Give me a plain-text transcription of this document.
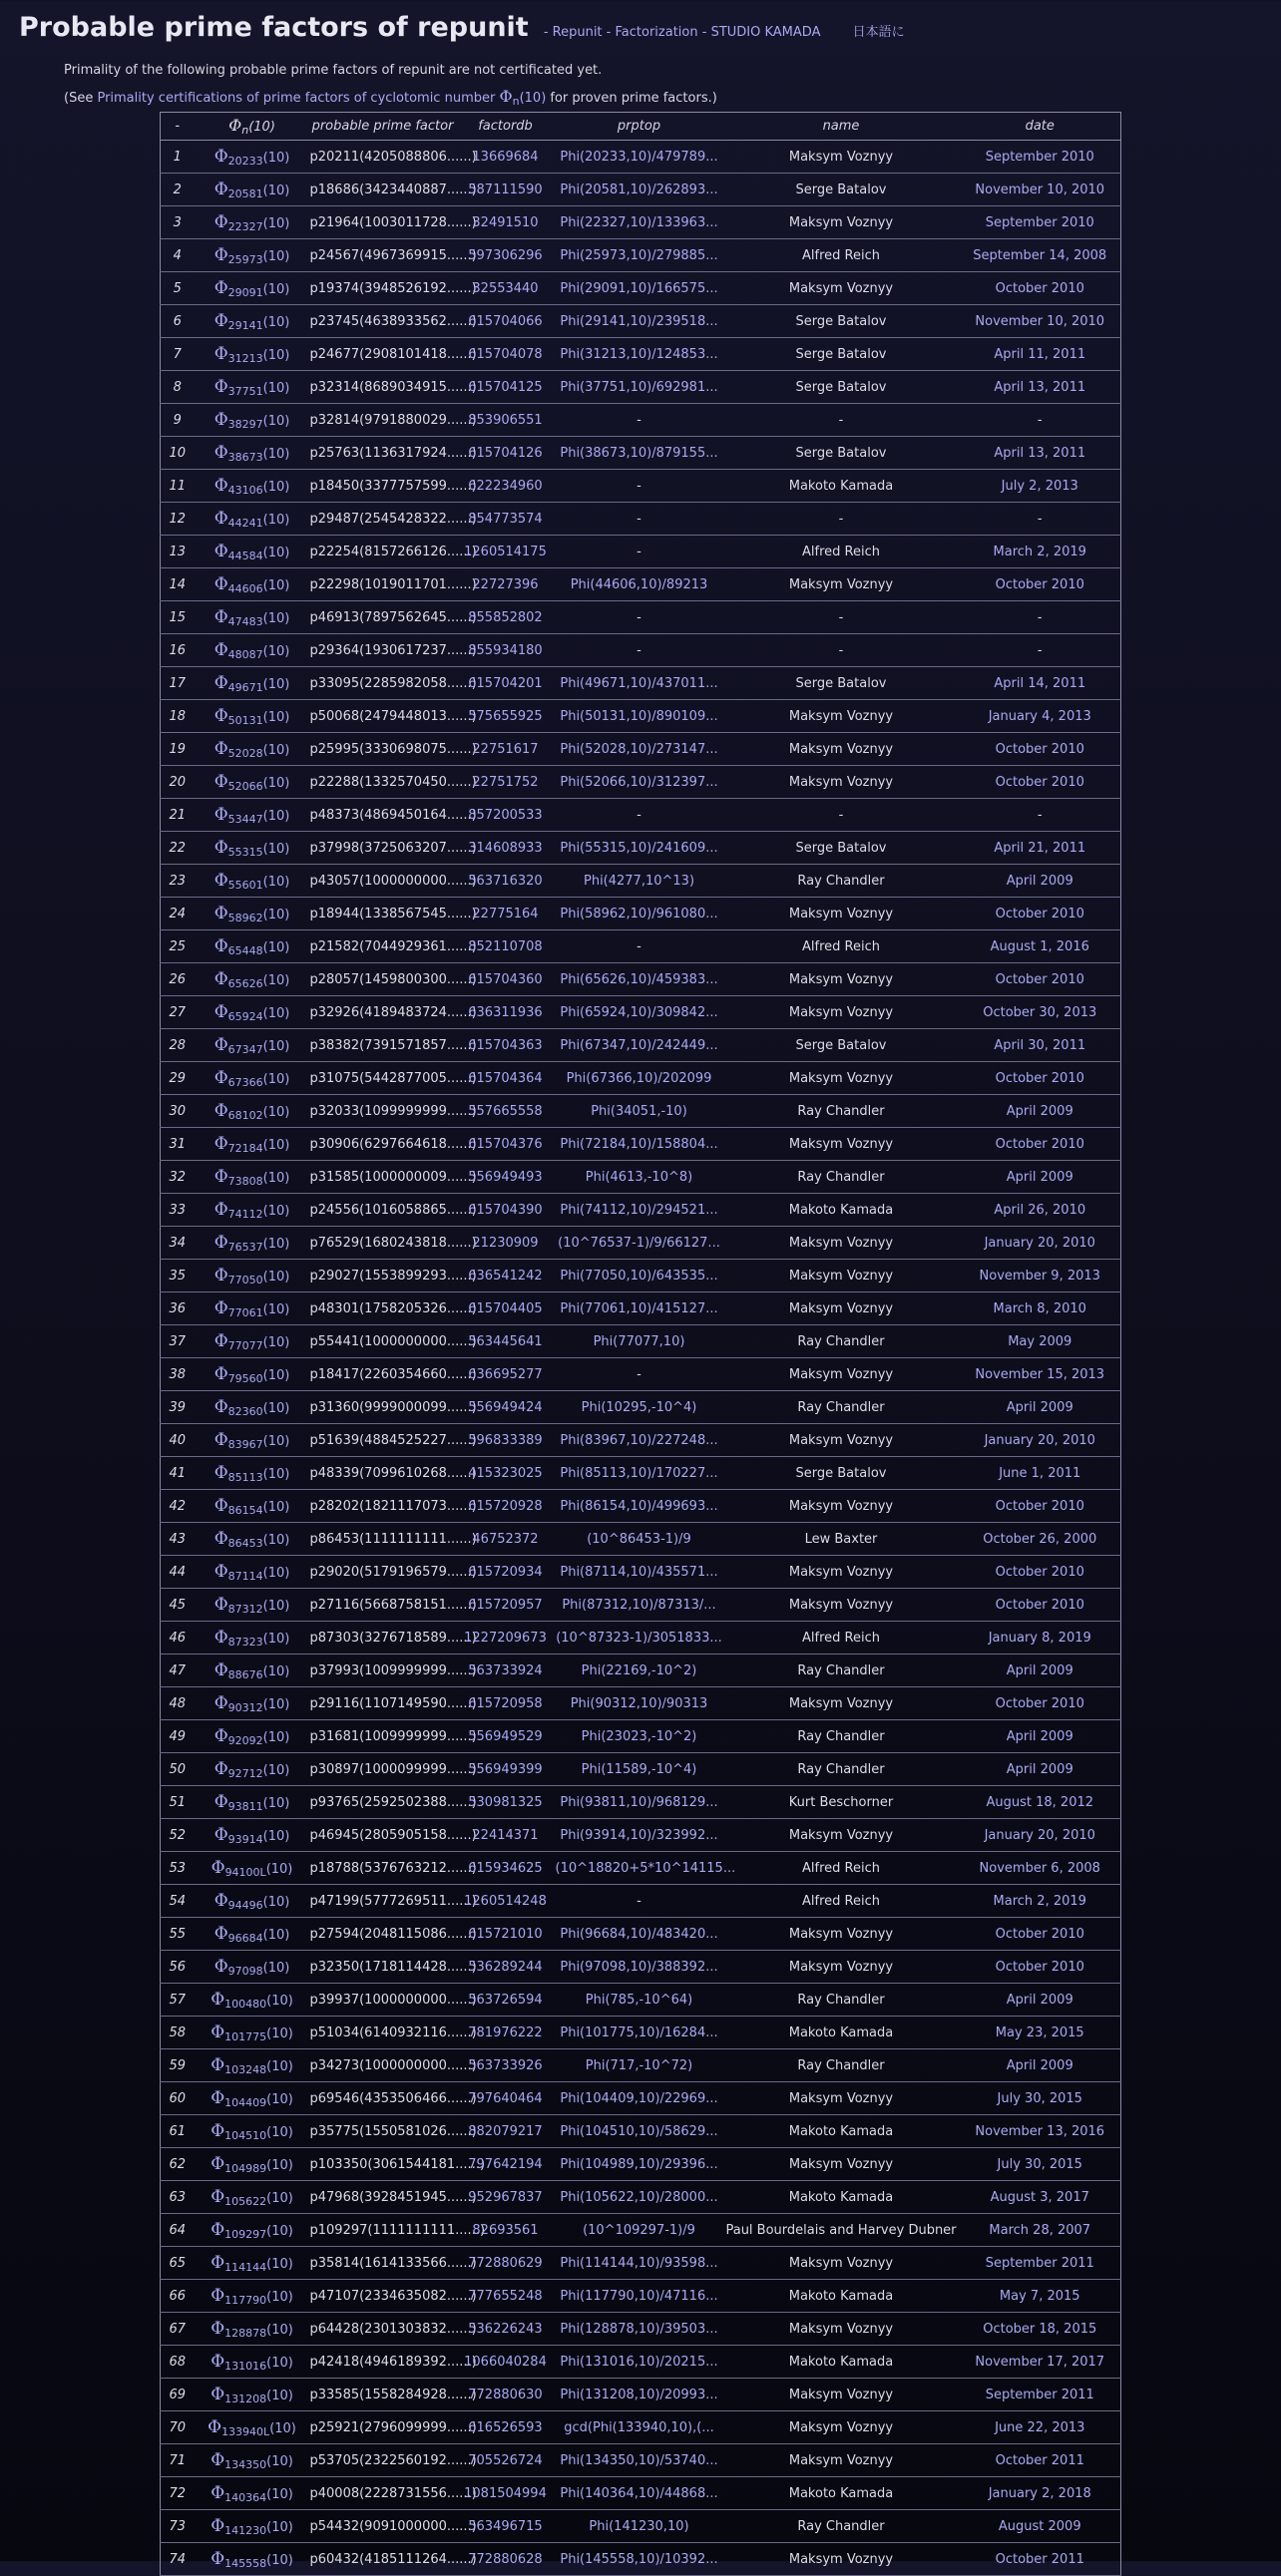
Probable prime factors of repunit - Repunit - Factorization - STUDIO KAMADA 日本語に
Primality of the following probable prime factors of repunit are not certificated yet.
(See Primality certifications of prime factors of cyclotomic number $\Phi_n(10)$ for proven prime factors.)
-	$\Phi_n(10)$	probable prime factor	factordb	prptop	name	date
1	$\Phi_{20233}(10)$	p20211(4205088806......)	13669684	Phi(20233,10)/479789...	Maksym Voznyy	September 2010
2	$\Phi_{20581}(10)$	p18686(3423440887......)	587111590	Phi(20581,10)/262893...	Serge Batalov	November 10, 2010
3	$\Phi_{22327}(10)$	p21964(1003011728......)	32491510	Phi(22327,10)/133963...	Maksym Voznyy	September 2010
4	$\Phi_{25973}(10)$	p24567(4967369915......)	597306296	Phi(25973,10)/279885...	Alfred Reich	September 14, 2008
5	$\Phi_{29091}(10)$	p19374(3948526192......)	32553440	Phi(29091,10)/166575...	Maksym Voznyy	October 2010
6	$\Phi_{29141}(10)$	p23745(4638933562......)	615704066	Phi(29141,10)/239518...	Serge Batalov	November 10, 2010
7	$\Phi_{31213}(10)$	p24677(2908101418......)	615704078	Phi(31213,10)/124853...	Serge Batalov	April 11, 2011
8	$\Phi_{37751}(10)$	p32314(8689034915......)	615704125	Phi(37751,10)/692981...	Serge Batalov	April 13, 2011
9	$\Phi_{38297}(10)$	p32814(9791880029......)	853906551	-	-	-
10	$\Phi_{38673}(10)$	p25763(1136317924......)	615704126	Phi(38673,10)/879155...	Serge Batalov	April 13, 2011
11	$\Phi_{43106}(10)$	p18450(3377757599......)	622234960	-	Makoto Kamada	July 2, 2013
12	$\Phi_{44241}(10)$	p29487(2545428322......)	854773574	-	-	-
13	$\Phi_{44584}(10)$	p22254(8157266126......)	1260514175	-	Alfred Reich	March 2, 2019
14	$\Phi_{44606}(10)$	p22298(1019011701......)	22727396	Phi(44606,10)/89213	Maksym Voznyy	October 2010
15	$\Phi_{47483}(10)$	p46913(7897562645......)	855852802	-	-	-
16	$\Phi_{48087}(10)$	p29364(1930617237......)	855934180	-	-	-
17	$\Phi_{49671}(10)$	p33095(2285982058......)	615704201	Phi(49671,10)/437011...	Serge Batalov	April 14, 2011
18	$\Phi_{50131}(10)$	p50068(2479448013......)	575655925	Phi(50131,10)/890109...	Maksym Voznyy	January 4, 2013
19	$\Phi_{52028}(10)$	p25995(3330698075......)	22751617	Phi(52028,10)/273147...	Maksym Voznyy	October 2010
20	$\Phi_{52066}(10)$	p22288(1332570450......)	22751752	Phi(52066,10)/312397...	Maksym Voznyy	October 2010
21	$\Phi_{53447}(10)$	p48373(4869450164......)	857200533	-	-	-
22	$\Phi_{55315}(10)$	p37998(3725063207......)	314608933	Phi(55315,10)/241609...	Serge Batalov	April 21, 2011
23	$\Phi_{55601}(10)$	p43057(1000000000......)	563716320	Phi(4277,10^13)	Ray Chandler	April 2009
24	$\Phi_{58962}(10)$	p18944(1338567545......)	22775164	Phi(58962,10)/961080...	Maksym Voznyy	October 2010
25	$\Phi_{65448}(10)$	p21582(7044929361......)	852110708	-	Alfred Reich	August 1, 2016
26	$\Phi_{65626}(10)$	p28057(1459800300......)	615704360	Phi(65626,10)/459383...	Maksym Voznyy	October 2010
27	$\Phi_{65924}(10)$	p32926(4189483724......)	636311936	Phi(65924,10)/309842...	Maksym Voznyy	October 30, 2013
28	$\Phi_{67347}(10)$	p38382(7391571857......)	615704363	Phi(67347,10)/242449...	Serge Batalov	April 30, 2011
29	$\Phi_{67366}(10)$	p31075(5442877005......)	615704364	Phi(67366,10)/202099	Maksym Voznyy	October 2010
30	$\Phi_{68102}(10)$	p32033(1099999999......)	557665558	Phi(34051,-10)	Ray Chandler	April 2009
31	$\Phi_{72184}(10)$	p30906(6297664618......)	615704376	Phi(72184,10)/158804...	Maksym Voznyy	October 2010
32	$\Phi_{73808}(10)$	p31585(1000000009......)	556949493	Phi(4613,-10^8)	Ray Chandler	April 2009
33	$\Phi_{74112}(10)$	p24556(1016058865......)	615704390	Phi(74112,10)/294521...	Makoto Kamada	April 26, 2010
34	$\Phi_{76537}(10)$	p76529(1680243818......)	21230909	(10^76537-1)/9/66127...	Maksym Voznyy	January 20, 2010
35	$\Phi_{77050}(10)$	p29027(1553899293......)	636541242	Phi(77050,10)/643535...	Maksym Voznyy	November 9, 2013
36	$\Phi_{77061}(10)$	p48301(1758205326......)	615704405	Phi(77061,10)/415127...	Maksym Voznyy	March 8, 2010
37	$\Phi_{77077}(10)$	p55441(1000000000......)	563445641	Phi(77077,10)	Ray Chandler	May 2009
38	$\Phi_{79560}(10)$	p18417(2260354660......)	636695277	-	Maksym Voznyy	November 15, 2013
39	$\Phi_{82360}(10)$	p31360(9999000099......)	556949424	Phi(10295,-10^4)	Ray Chandler	April 2009
40	$\Phi_{83967}(10)$	p51639(4884525227......)	596833389	Phi(83967,10)/227248...	Maksym Voznyy	January 20, 2010
41	$\Phi_{85113}(10)$	p48339(7099610268......)	415323025	Phi(85113,10)/170227...	Serge Batalov	June 1, 2011
42	$\Phi_{86154}(10)$	p28202(1821117073......)	615720928	Phi(86154,10)/499693...	Maksym Voznyy	October 2010
43	$\Phi_{86453}(10)$	p86453(1111111111......)	46752372	(10^86453-1)/9	Lew Baxter	October 26, 2000
44	$\Phi_{87114}(10)$	p29020(5179196579......)	615720934	Phi(87114,10)/435571...	Maksym Voznyy	October 2010
45	$\Phi_{87312}(10)$	p27116(5668758151......)	615720957	Phi(87312,10)/87313/...	Maksym Voznyy	October 2010
46	$\Phi_{87323}(10)$	p87303(3276718589......)	1227209673	(10^87323-1)/3051833...	Alfred Reich	January 8, 2019
47	$\Phi_{88676}(10)$	p37993(1009999999......)	563733924	Phi(22169,-10^2)	Ray Chandler	April 2009
48	$\Phi_{90312}(10)$	p29116(1107149590......)	615720958	Phi(90312,10)/90313	Maksym Voznyy	October 2010
49	$\Phi_{92092}(10)$	p31681(1009999999......)	556949529	Phi(23023,-10^2)	Ray Chandler	April 2009
50	$\Phi_{92712}(10)$	p30897(1000099999......)	556949399	Phi(11589,-10^4)	Ray Chandler	April 2009
51	$\Phi_{93811}(10)$	p93765(2592502388......)	530981325	Phi(93811,10)/968129...	Kurt Beschorner	August 18, 2012
52	$\Phi_{93914}(10)$	p46945(2805905158......)	22414371	Phi(93914,10)/323992...	Maksym Voznyy	January 20, 2010
53	$\Phi_{94100L}(10)$	p18788(5376763212......)	615934625	(10^18820+5*10^14115...	Alfred Reich	November 6, 2008
54	$\Phi_{94496}(10)$	p47199(5777269511......)	1260514248	-	Alfred Reich	March 2, 2019
55	$\Phi_{96684}(10)$	p27594(2048115086......)	615721010	Phi(96684,10)/483420...	Maksym Voznyy	October 2010
56	$\Phi_{97098}(10)$	p32350(1718114428......)	536289244	Phi(97098,10)/388392...	Maksym Voznyy	October 2010
57	$\Phi_{100480}(10)$	p39937(1000000000......)	563726594	Phi(785,-10^64)	Ray Chandler	April 2009
58	$\Phi_{101775}(10)$	p51034(6140932116......)	781976222	Phi(101775,10)/16284...	Makoto Kamada	May 23, 2015
59	$\Phi_{103248}(10)$	p34273(1000000000......)	563733926	Phi(717,-10^72)	Ray Chandler	April 2009
60	$\Phi_{104409}(10)$	p69546(4353506466......)	797640464	Phi(104409,10)/22969...	Maksym Voznyy	July 30, 2015
61	$\Phi_{104510}(10)$	p35775(1550581026......)	882079217	Phi(104510,10)/58629...	Makoto Kamada	November 13, 2016
62	$\Phi_{104989}(10)$	p103350(3061544181......)	797642194	Phi(104989,10)/29396...	Maksym Voznyy	July 30, 2015
63	$\Phi_{105622}(10)$	p47968(3928451945......)	952967837	Phi(105622,10)/28000...	Makoto Kamada	August 3, 2017
64	$\Phi_{109297}(10)$	p109297(1111111111......)	82693561	(10^109297-1)/9	Paul Bourdelais and Harvey Dubner	March 28, 2007
65	$\Phi_{114144}(10)$	p35814(1614133566......)	772880629	Phi(114144,10)/93598...	Maksym Voznyy	September 2011
66	$\Phi_{117790}(10)$	p47107(2334635082......)	777655248	Phi(117790,10)/47116...	Makoto Kamada	May 7, 2015
67	$\Phi_{128878}(10)$	p64428(2301303832......)	536226243	Phi(128878,10)/39503...	Maksym Voznyy	October 18, 2015
68	$\Phi_{131016}(10)$	p42418(4946189392......)	1066040284	Phi(131016,10)/20215...	Makoto Kamada	November 17, 2017
69	$\Phi_{131208}(10)$	p33585(1558284928......)	772880630	Phi(131208,10)/20993...	Maksym Voznyy	September 2011
70	$\Phi_{133940L}(10)$	p25921(2796099999......)	616526593	gcd(Phi(133940,10),(...	Maksym Voznyy	June 22, 2013
71	$\Phi_{134350}(10)$	p53705(2322560192......)	705526724	Phi(134350,10)/53740...	Maksym Voznyy	October 2011
72	$\Phi_{140364}(10)$	p40008(2228731556......)	1081504994	Phi(140364,10)/44868...	Makoto Kamada	January 2, 2018
73	$\Phi_{141230}(10)$	p54432(9091000000......)	563496715	Phi(141230,10)	Ray Chandler	August 2009
74	$\Phi_{145558}(10)$	p60432(4185111264......)	772880628	Phi(145558,10)/10392...	Maksym Voznyy	October 2011
